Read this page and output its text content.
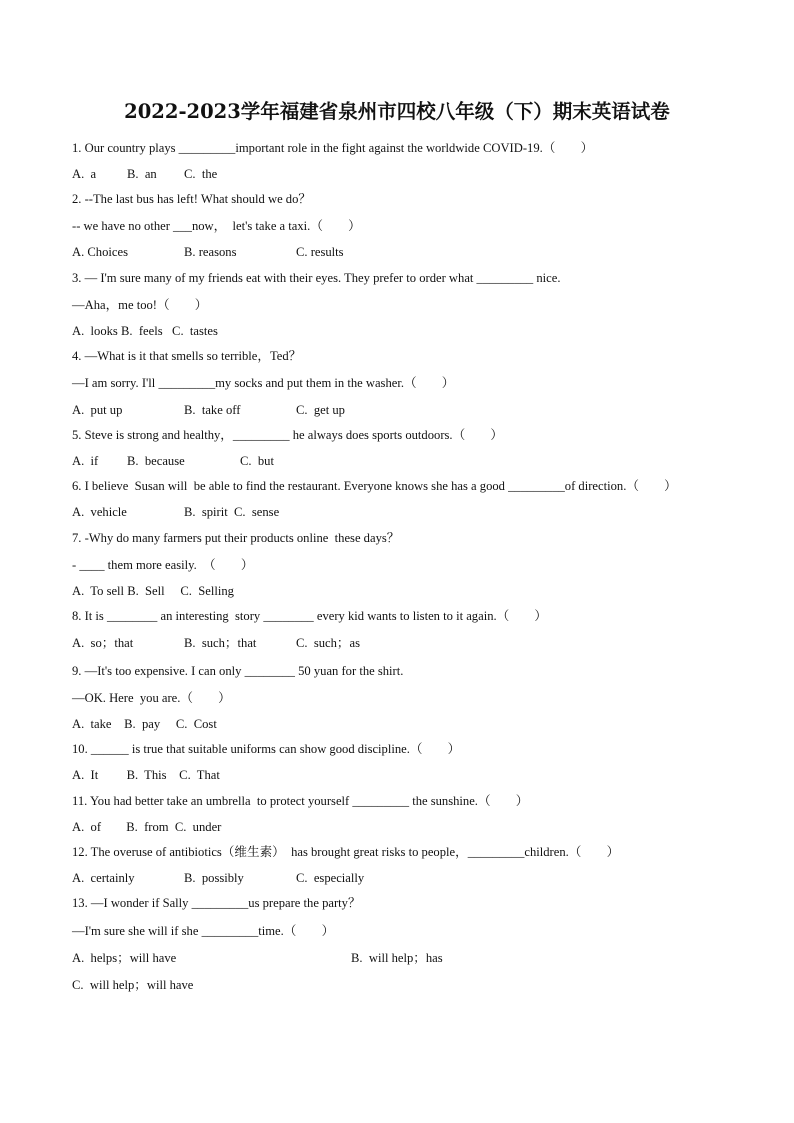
2022-2023学年福建省泉州市四校八年级（下）期末英语试卷
1. Our country plays _________important role in the fight against the worldwide COVID-19.（　　）
A.  a B.  an C.  the
2. --The last bus has left! What should we do？
-- we have no other ___now，  let's take a taxi.（　　）
A. Choices	B. reasons	C. results
3. — I'm sure many of my friends eat with their eyes. They prefer to order what _________ nice.
—Aha，me too!（　　）
A.  looks B.  feels   C.  tastes
4. —What is it that smells so terrible，Ted？
—I am sorry. I'll _________my socks and put them in the washer.（　　）
A.  put up	B.  take off	C.  get up
5. Steve is strong and healthy，_________ he always does sports outdoors.（　　）
A.  if B.  because	C.  but
6. I believe  Susan will  be able to find the restaurant. Everyone knows she has a good _________of direction.（　　）
A.  vehicle	B.  spirit  C.  sense
7. -Why do many farmers put their products online  these days？
- ____ them more easily.  （　　）
A.  To sell B.  Sell     C.  Selling
8. It is ________ an interesting  story ________ every kid wants to listen to it again.（　　）
A.  so；that	B.  such；that	C.  such；as
9. —It's too expensive. I can only ________ 50 yuan for the shirt.
—OK. Here  you are.（　　）
A.  take    B.  pay     C.  Cost
10. ______ is true that suitable uniforms can show good discipline.（　　）
A.  It         B.  This    C.  That
11. You had better take an umbrella  to protect yourself _________ the sunshine.（　　）
A.  of        B.  from  C.  under
12. The overuse of antibiotics（维生素）  has brought great risks to people，_________children.（　　）
A.  certainly	B.  possibly	C.  especially
13. —I wonder if Sally _________us prepare the party？
—I'm sure she will if she _________time.（　　）
A.  helps；will have	B.  will help；has
C.  will help；will have
